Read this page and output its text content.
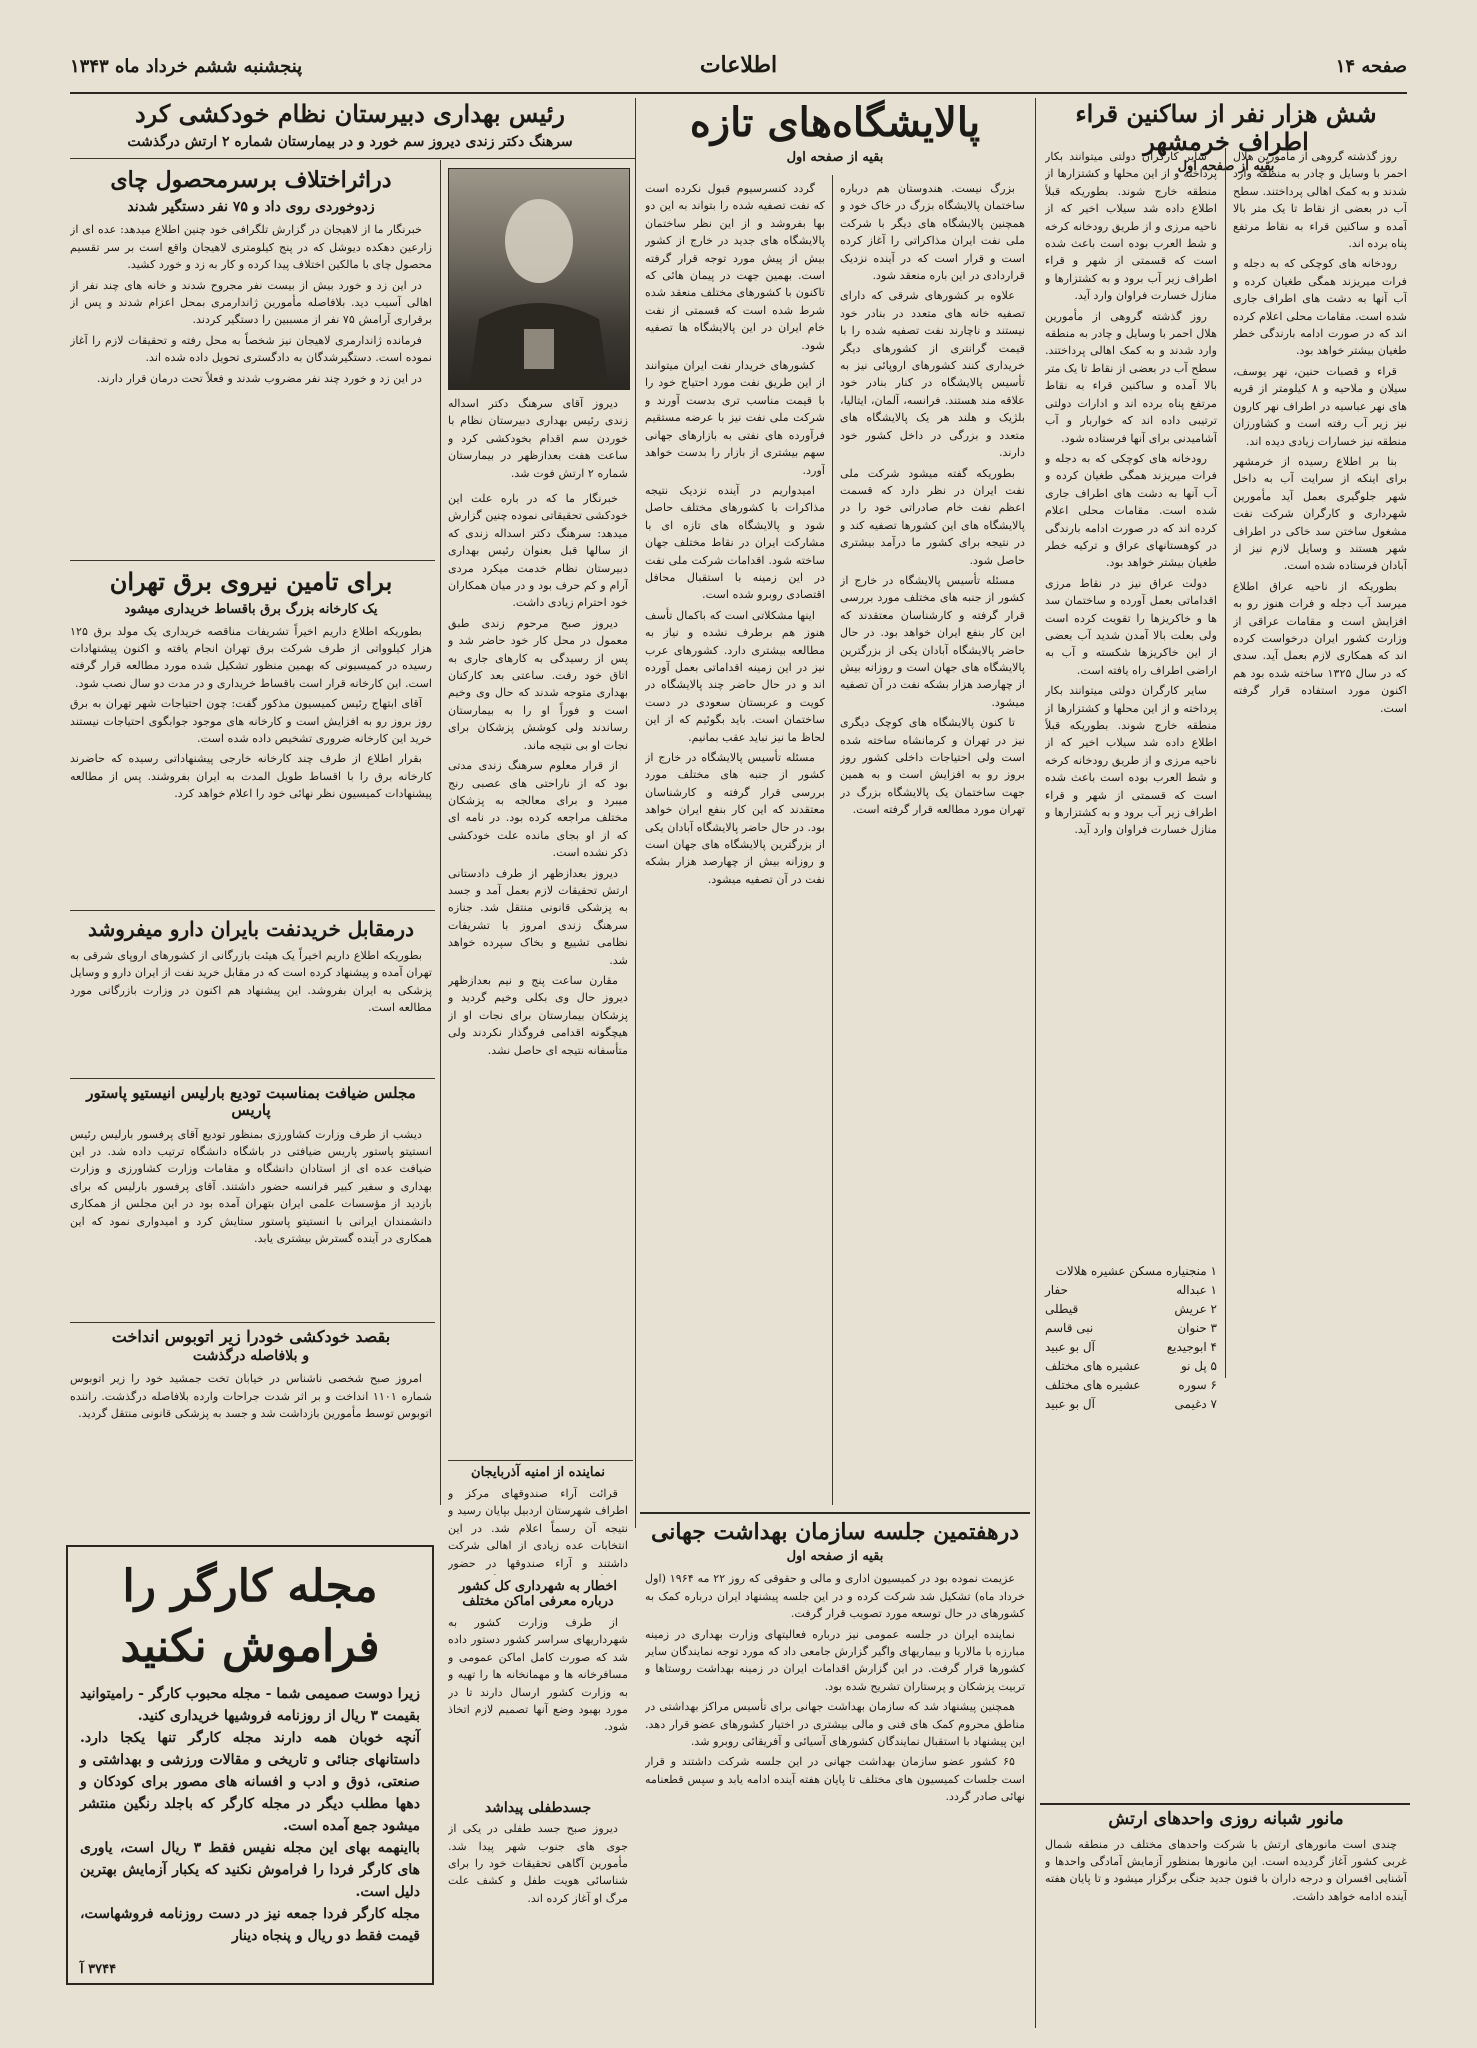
صفحه ۱۴
اطلاعات
پنجشنبه ششم خرداد ماه ۱۳۴۳
شش هزار نفر از ساکنین قراء اطراف خرمشهر
بقیه از صفحه اول

سایر کارگران دولتی میتوانند بکار پرداخته و از این محلها و کشتزارها از منطقه خارج شوند. بطوریکه قبلاً اطلاع داده شد سیلاب اخیر که از ناحیه مرزی و از طریق رودخانه کرخه و شط العرب بوده است باعث شده است که قسمتی از شهر و قراء اطراف زیر آب برود و به کشتزارها و منازل خسارت فراوان وارد آید.

روز گذشته گروهی از مأمورین هلال احمر با وسایل و چادر به منطقه وارد شدند و به کمک اهالی پرداختند. سطح آب در بعضی از نقاط تا یک متر بالا آمده و ساکنین قراء به نقاط مرتفع پناه برده اند و ادارات دولتی ترتیبی داده اند که خواربار و آب آشامیدنی برای آنها فرستاده شود.

رودخانه های کوچکی که به دجله و فرات میریزند همگی طغیان کرده و آب آنها به دشت های اطراف جاری شده است. مقامات محلی اعلام کرده اند که در صورت ادامه بارندگی در کوهستانهای عراق و ترکیه خطر طغیان بیشتر خواهد بود.

دولت عراق نیز در نقاط مرزی اقداماتی بعمل آورده و ساختمان سد ها و خاکریزها را تقویت کرده است ولی بعلت بالا آمدن شدید آب بعضی از این خاکریزها شکسته و آب به اراضی اطراف راه یافته است.

سایر کارگران دولتی میتوانند بکار پرداخته و از این محلها و کشتزارها از منطقه خارج شوند. بطوریکه قبلاً اطلاع داده شد سیلاب اخیر که از ناحیه مرزی و از طریق رودخانه کرخه و شط العرب بوده است باعث شده است که قسمتی از شهر و قراء اطراف زیر آب برود و به کشتزارها و منازل خسارت فراوان وارد آید.

روز گذشته گروهی از مأمورین هلال احمر با وسایل و چادر به منطقه وارد شدند و به کمک اهالی پرداختند. سطح آب در بعضی از نقاط تا یک متر بالا آمده و ساکنین قراء به نقاط مرتفع پناه برده اند.

رودخانه های کوچکی که به دجله و فرات میریزند همگی طغیان کرده و آب آنها به دشت های اطراف جاری شده است. مقامات محلی اعلام کرده اند که در صورت ادامه بارندگی خطر طغیان بیشتر خواهد بود.

قراء و قصبات حنین، نهر یوسف، سیلان و ملاحیه و ۸ کیلومتر از قریه های نهر عباسیه در اطراف نهر کارون نیز زیر آب رفته است و کشاورزان منطقه نیز خسارات زیادی دیده اند.

بنا بر اطلاع رسیده از خرمشهر برای اینکه از سرایت آب به داخل شهر جلوگیری بعمل آید مأمورین شهرداری و کارگران شرکت نفت مشغول ساختن سد خاکی در اطراف شهر هستند و وسایل لازم نیز از آبادان فرستاده شده است.

بطوریکه از ناحیه عراق اطلاع میرسد آب دجله و فرات هنوز رو به افزایش است و مقامات عراقی از وزارت کشور ایران درخواست کرده اند که همکاری لازم بعمل آید. سدی که در سال ۱۳۲۵ ساخته شده بود هم اکنون مورد استفاده قرار گرفته است.

۱ منجنیاره مسکن عشیره هلالات
۱ عبداله
حفار
۲ عریش
قیطلی
۳ حنوان
نبی قاسم
۴ ابوجیدیع
آل بو عبید
۵ پل نو
عشیره های مختلف
۶ سوره
عشیره های مختلف
۷ دغیمی
آل بو عبید
مانور شبانه روزی واحدهای ارتش

چندی است مانورهای ارتش با شرکت واحدهای مختلف در منطقه شمال غربی کشور آغاز گردیده است. این مانورها بمنظور آزمایش آمادگی واحدها و آشنایی افسران و درجه داران با فنون جدید جنگی برگزار میشود و تا پایان هفته آینده ادامه خواهد داشت.

پالایشگاه‌های تازه
بقیه از صفحه اول

بزرگ نیست. هندوستان هم درباره ساختمان پالایشگاه بزرگ در خاک خود و همچنین پالایشگاه های دیگر با شرکت ملی نفت ایران مذاکراتی را آغاز کرده است و قرار است که در آینده نزدیک قراردادی در این باره منعقد شود.

علاوه بر کشورهای شرقی که دارای تصفیه خانه های متعدد در بنادر خود نیستند و ناچارند نفت تصفیه شده را با قیمت گرانتری از کشورهای دیگر خریداری کنند کشورهای اروپائی نیز به تأسیس پالایشگاه در کنار بنادر خود علاقه مند هستند. فرانسه، آلمان، ایتالیا، بلژیک و هلند هر یک پالایشگاه های متعدد و بزرگی در داخل کشور خود دارند.

بطوریکه گفته میشود شرکت ملی نفت ایران در نظر دارد که قسمت اعظم نفت خام صادراتی خود را در پالایشگاه های این کشورها تصفیه کند و در نتیجه برای کشور ما درآمد بیشتری حاصل شود.

مسئله تأسیس پالایشگاه در خارج از کشور از جنبه های مختلف مورد بررسی قرار گرفته و کارشناسان معتقدند که این کار بنفع ایران خواهد بود. در حال حاضر پالایشگاه آبادان یکی از بزرگترین پالایشگاه های جهان است و روزانه بیش از چهارصد هزار بشکه نفت در آن تصفیه میشود.

تا کنون پالایشگاه های کوچک دیگری نیز در تهران و کرمانشاه ساخته شده است ولی احتیاجات داخلی کشور روز بروز رو به افزایش است و به همین جهت ساختمان یک پالایشگاه بزرگ در تهران مورد مطالعه قرار گرفته است.

گردد کنسرسیوم قبول نکرده است که نفت تصفیه شده را بتواند به این دو بها بفروشد و از این نظر ساختمان پالایشگاه های جدید در خارج از کشور بیش از پیش مورد توجه قرار گرفته است. بهمین جهت در پیمان هائی که تاکنون با کشورهای مختلف منعقد شده شرط شده است که قسمتی از نفت خام ایران در این پالایشگاه ها تصفیه شود.

کشورهای خریدار نفت ایران میتوانند از این طریق نفت مورد احتیاج خود را با قیمت مناسب تری بدست آورند و شرکت ملی نفت نیز با عرضه مستقیم فرآورده های نفتی به بازارهای جهانی سهم بیشتری از بازار را بدست خواهد آورد.

امیدواریم در آینده نزدیک نتیجه مذاکرات با کشورهای مختلف حاصل شود و پالایشگاه های تازه ای با مشارکت ایران در نقاط مختلف جهان ساخته شود. اقدامات شرکت ملی نفت در این زمینه با استقبال محافل اقتصادی روبرو شده است.

اینها مشکلاتی است که باکمال تأسف هنوز هم برطرف نشده و نیاز به مطالعه بیشتری دارد. کشورهای عرب نیز در این زمینه اقداماتی بعمل آورده اند و در حال حاضر چند پالایشگاه در کویت و عربستان سعودی در دست ساختمان است. باید بگوئیم که از این لحاظ ما نیز نباید عقب بمانیم.

مسئله تأسیس پالایشگاه در خارج از کشور از جنبه های مختلف مورد بررسی قرار گرفته و کارشناسان معتقدند که این کار بنفع ایران خواهد بود. در حال حاضر پالایشگاه آبادان یکی از بزرگترین پالایشگاه های جهان است و روزانه بیش از چهارصد هزار بشکه نفت در آن تصفیه میشود.

درهفتمین جلسه سازمان بهداشت جهانی
بقیه از صفحه اول

عزیمت نموده بود در کمیسیون اداری و مالی و حقوقی که روز ۲۲ مه ۱۹۶۴ (اول خرداد ماه) تشکیل شد شرکت کرده و در این جلسه پیشنهاد ایران درباره کمک به کشورهای در حال توسعه مورد تصویب قرار گرفت.

نماینده ایران در جلسه عمومی نیز درباره فعالیتهای وزارت بهداری در زمینه مبارزه با مالاریا و بیماریهای واگیر گزارش جامعی داد که مورد توجه نمایندگان سایر کشورها قرار گرفت. در این گزارش اقدامات ایران در زمینه بهداشت روستاها و تربیت پزشکان و پرستاران تشریح شده بود.

همچنین پیشنهاد شد که سازمان بهداشت جهانی برای تأسیس مراکز بهداشتی در مناطق محروم کمک های فنی و مالی بیشتری در اختیار کشورهای عضو قرار دهد. این پیشنهاد با استقبال نمایندگان کشورهای آسیائی و آفریقائی روبرو شد.

۶۵ کشور عضو سازمان بهداشت جهانی در این جلسه شرکت داشتند و قرار است جلسات کمیسیون های مختلف تا پایان هفته آینده ادامه یابد و سپس قطعنامه نهائی صادر گردد.

رئیس بهداری دبیرستان نظام خودکشی کرد
سرهنگ دکتر زندی دیروز سم خورد و در بیمارستان شماره ۲ ارتش درگذشت

دیروز آقای سرهنگ دکتر اسداله زندی رئیس بهداری دبیرستان نظام با خوردن سم اقدام بخودکشی کرد و ساعت هفت بعدازظهر در بیمارستان شماره ۲ ارتش فوت شد.

خبرنگار ما که در باره علت این خودکشی تحقیقاتی نموده چنین گزارش میدهد: سرهنگ دکتر اسداله زندی که از سالها قبل بعنوان رئیس بهداری دبیرستان نظام خدمت میکرد مردی آرام و کم حرف بود و در میان همکاران خود احترام زیادی داشت.

دیروز صبح مرحوم زندی طبق معمول در محل کار خود حاضر شد و پس از رسیدگی به کارهای جاری به اتاق خود رفت. ساعتی بعد کارکنان بهداری متوجه شدند که حال وی وخیم است و فوراً او را به بیمارستان رساندند ولی کوشش پزشکان برای نجات او بی نتیجه ماند.

از قرار معلوم سرهنگ زندی مدتی بود که از ناراحتی های عصبی رنج میبرد و برای معالجه به پزشکان مختلف مراجعه کرده بود. در نامه ای که از او بجای مانده علت خودکشی ذکر نشده است.

دیروز بعدازظهر از طرف دادستانی ارتش تحقیقات لازم بعمل آمد و جسد به پزشکی قانونی منتقل شد. جنازه سرهنگ زندی امروز با تشریفات نظامی تشییع و بخاک سپرده خواهد شد.

مقارن ساعت پنج و نیم بعدازظهر دیروز حال وی بکلی وخیم گردید و پزشکان بیمارستان برای نجات او از هیچگونه اقدامی فروگذار نکردند ولی متأسفانه نتیجه ای حاصل نشد.

دراثراختلاف برسرمحصول چای
زدوخوردی روی داد و ۷۵ نفر دستگیر شدند

خبرنگار ما از لاهیجان در گزارش تلگرافی خود چنین اطلاع میدهد: عده ای از زارعین دهکده دیوشل که در پنج کیلومتری لاهیجان واقع است بر سر تقسیم محصول چای با مالکین اختلاف پیدا کرده و کار به زد و خورد کشید.

در این زد و خورد بیش از بیست نفر مجروح شدند و خانه های چند نفر از اهالی آسیب دید. بلافاصله مأمورین ژاندارمری بمحل اعزام شدند و پس از برقراری آرامش ۷۵ نفر از مسببین را دستگیر کردند.

فرمانده ژاندارمری لاهیجان نیز شخصاً به محل رفته و تحقیقات لازم را آغاز نموده است. دستگیرشدگان به دادگستری تحویل داده شده اند.

در این زد و خورد چند نفر مضروب شدند و فعلاً تحت درمان قرار دارند.

برای تامین نیروی برق تهران
یک کارخانه بزرگ برق باقساط خریداری میشود

بطوریکه اطلاع داریم اخیراً تشریفات مناقصه خریداری یک مولد برق ۱۲۵ هزار کیلوواتی از طرف شرکت برق تهران انجام یافته و اکنون پیشنهادات رسیده در کمیسیونی که بهمین منظور تشکیل شده مورد مطالعه قرار گرفته است. این کارخانه قرار است باقساط خریداری و در مدت دو سال نصب شود.

آقای ابتهاج رئیس کمیسیون مذکور گفت: چون احتیاجات شهر تهران به برق روز بروز رو به افزایش است و کارخانه های موجود جوابگوی احتیاجات نیستند خرید این کارخانه ضروری تشخیص داده شده است.

بقرار اطلاع از طرف چند کارخانه خارجی پیشنهاداتی رسیده که حاضرند کارخانه برق را با اقساط طویل المدت به ایران بفروشند. پس از مطالعه پیشنهادات کمیسیون نظر نهائی خود را اعلام خواهد کرد.

درمقابل خریدنفت بایران دارو میفروشد

بطوریکه اطلاع داریم اخیراً یک هیئت بازرگانی از کشورهای اروپای شرقی به تهران آمده و پیشنهاد کرده است که در مقابل خرید نفت از ایران دارو و وسایل پزشکی به ایران بفروشد. این پیشنهاد هم اکنون در وزارت بازرگانی مورد مطالعه است.

مجلس ضیافت بمناسبت تودیع بارلیس انیستیو پاستور پاریس

دیشب از طرف وزارت کشاورزی بمنظور تودیع آقای پرفسور بارلیس رئیس انستیتو پاستور پاریس ضیافتی در باشگاه دانشگاه ترتیب داده شد. در این ضیافت عده ای از استادان دانشگاه و مقامات وزارت کشاورزی و وزارت بهداری و سفیر کبیر فرانسه حضور داشتند. آقای پرفسور بارلیس که برای بازدید از مؤسسات علمی ایران بتهران آمده بود در این مجلس از همکاری دانشمندان ایرانی با انستیتو پاستور ستایش کرد و امیدواری نمود که این همکاری در آینده گسترش بیشتری یابد.

بقصد خودکشی خودرا زیر اتوبوس انداخت
و بلافاصله درگذشت

امروز صبح شخصی ناشناس در خیابان تخت جمشید خود را زیر اتوبوس شماره ۱۱۰۱ انداخت و بر اثر شدت جراحات وارده بلافاصله درگذشت. راننده اتوبوس توسط مأمورین بازداشت شد و جسد به پزشکی قانونی منتقل گردید.

نماینده از امنیه آذربایجان

قرائت آراء صندوقهای مرکز و اطراف شهرستان اردبیل بپایان رسید و نتیجه آن رسماً اعلام شد. در این انتخابات عده زیادی از اهالی شرکت داشتند و آراء صندوقها در حضور

اخطار به شهرداری کل کشور درباره معرفی اماکن مختلف

از طرف وزارت کشور به شهرداریهای سراسر کشور دستور داده شد که صورت کامل اماکن عمومی و مسافرخانه ها و مهمانخانه ها را تهیه و به وزارت کشور ارسال دارند تا در مورد بهبود وضع آنها تصمیم لازم اتخاذ شود.

جسدطفلی پیداشد

دیروز صبح جسد طفلی در یکی از جوی های جنوب شهر پیدا شد. مأمورین آگاهی تحقیقات خود را برای شناسائی هویت طفل و کشف علت مرگ او آغاز کرده اند.

مجله کارگر را
فراموش نکنید
زیرا دوست صمیمی شما - مجله محبوب کارگر - رامیتوانید بقیمت ۳ ریال از روزنامه فروشیها خریداری کنید.
آنچه خوبان همه دارند مجله کارگر تنها یکجا دارد. داستانهای جنائی و تاریخی و مقالات ورزشی و بهداشتی و صنعتی، ذوق و ادب و افسانه های مصور برای کودکان و دهها مطلب دیگر در مجله کارگر که باجلد رنگین منتشر میشود جمع آمده است.
بااینهمه بهای این مجله نفیس فقط ۳ ریال است، یاوری های کارگر فردا را فراموش نکنید که یکبار آزمایش بهترین دلیل است.
مجله کارگر فردا جمعه نیز در دست روزنامه فروشهاست، قیمت فقط دو ریال و پنجاه دینار
۳۷۴۴ آ
